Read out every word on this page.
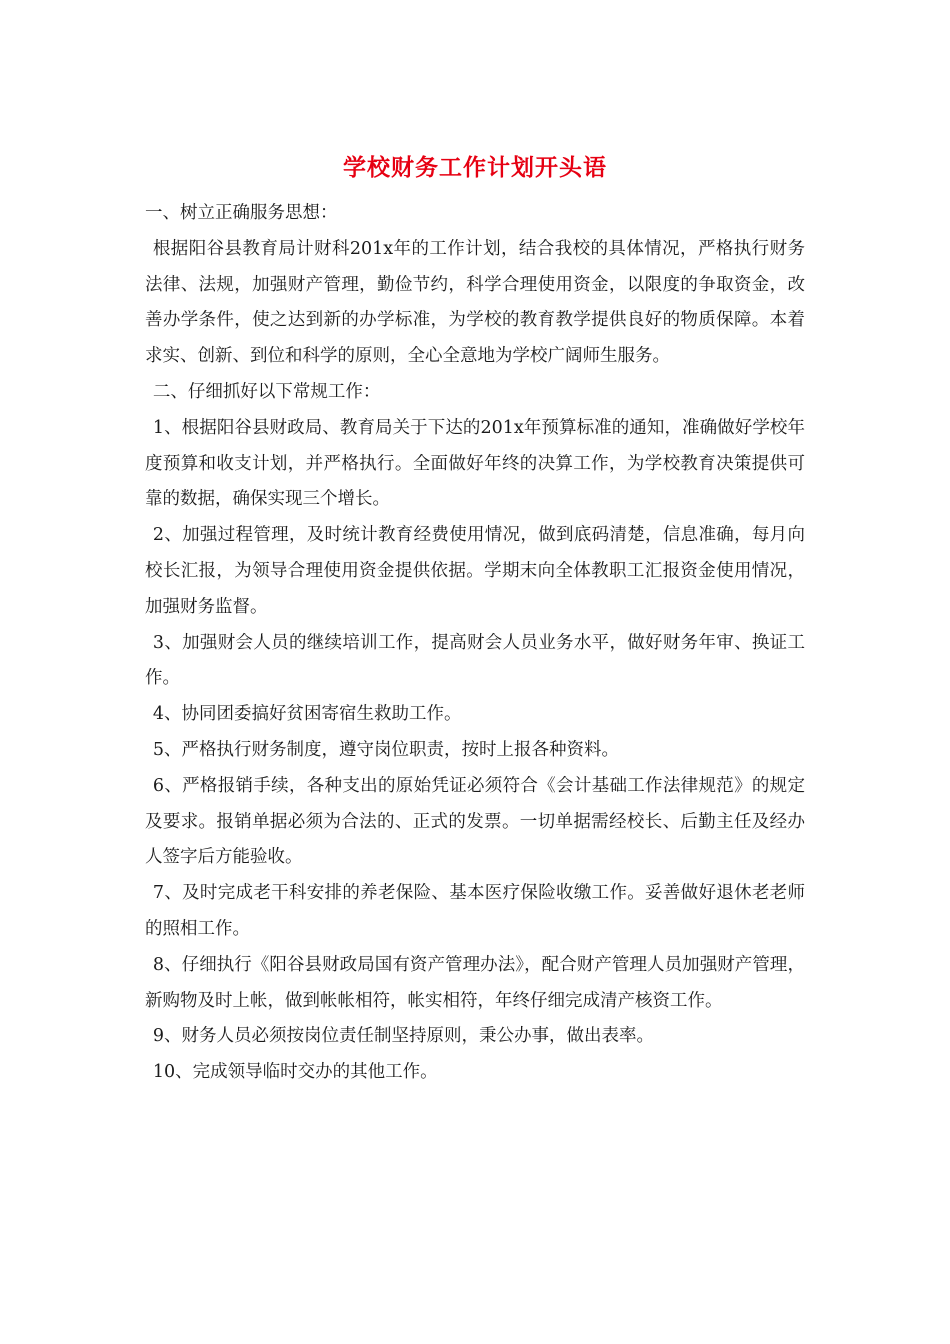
学校财务工作计划开头语

一、树立正确服务思想：

根据阳谷县教育局计财科201x年的工作计划，结合我校的具体情况，严格执行财务法律、法规，加强财产管理，勤俭节约，科学合理使用资金，以限度的争取资金，改善办学条件，使之达到新的办学标准，为学校的教育教学提供良好的物质保障。本着求实、创新、到位和科学的原则，全心全意地为学校广阔师生服务。

二、仔细抓好以下常规工作：

1、根据阳谷县财政局、教育局关于下达的201x年预算标准的通知，准确做好学校年度预算和收支计划，并严格执行。全面做好年终的决算工作，为学校教育决策提供可靠的数据，确保实现三个增长。

2、加强过程管理，及时统计教育经费使用情况，做到底码清楚，信息准确，每月向校长汇报，为领导合理使用资金提供依据。学期末向全体教职工汇报资金使用情况，加强财务监督。

3、加强财会人员的继续培训工作，提高财会人员业务水平，做好财务年审、换证工作。

4、协同团委搞好贫困寄宿生救助工作。

5、严格执行财务制度，遵守岗位职责，按时上报各种资料。

6、严格报销手续，各种支出的原始凭证必须符合《会计基础工作法律规范》的规定及要求。报销单据必须为合法的、正式的发票。一切单据需经校长、后勤主任及经办人签字后方能验收。

7、及时完成老干科安排的养老保险、基本医疗保险收缴工作。妥善做好退休老老师的照相工作。

8、仔细执行《阳谷县财政局国有资产管理办法》，配合财产管理人员加强财产管理，新购物及时上帐，做到帐帐相符，帐实相符，年终仔细完成清产核资工作。

9、财务人员必须按岗位责任制坚持原则，秉公办事，做出表率。

10、完成领导临时交办的其他工作。
